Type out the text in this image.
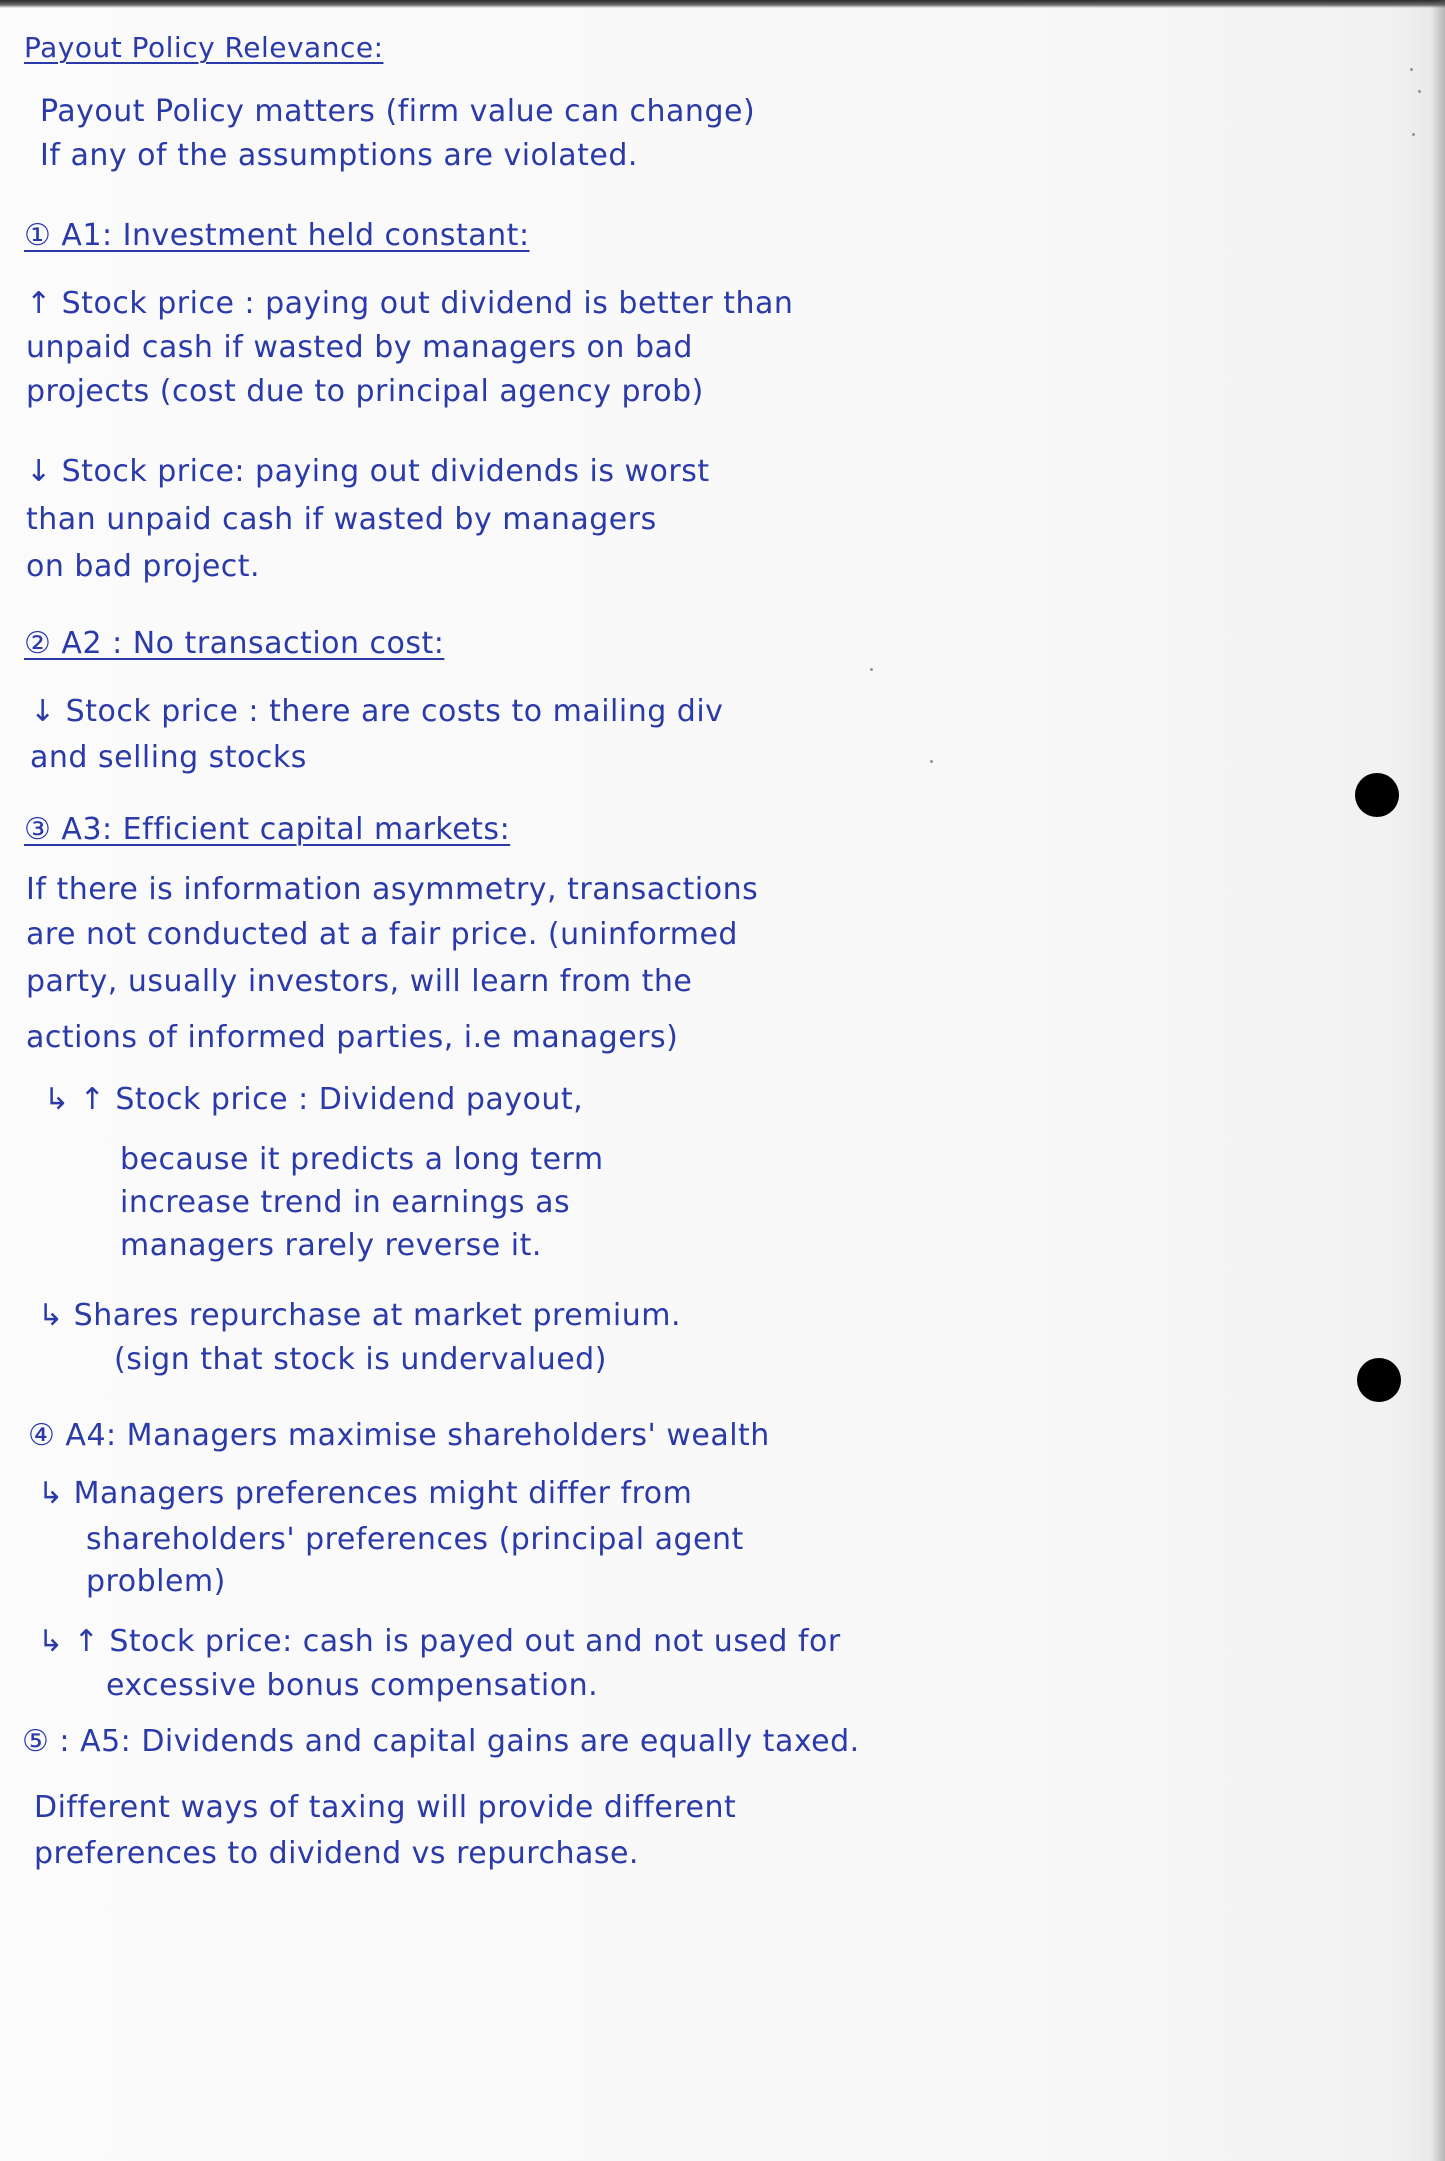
Payout Policy Relevance:
Payout Policy matters (firm value can change)
If any of the assumptions are violated.
① A1: Investment held constant:
↑ Stock price : paying out dividend is better than
unpaid cash if wasted by managers on bad
projects (cost due to principal agency prob)
↓ Stock price: paying out dividends is worst
than unpaid cash if wasted by managers
on bad project.
② A2 : No transaction cost:
↓ Stock price : there are costs to mailing div
and selling stocks
③ A3: Efficient capital markets:
If there is information asymmetry, transactions
are not conducted at a fair price. (uninformed
party, usually investors, will learn from the
actions of informed parties, i.e managers)
↳ ↑ Stock price : Dividend payout,
because it predicts a long term
increase trend in earnings as
managers rarely reverse it.
↳ Shares repurchase at market premium.
(sign that stock is undervalued)
④ A4: Managers maximise shareholders' wealth
↳ Managers preferences might differ from
shareholders' preferences (principal agent
problem)
↳ ↑ Stock price: cash is payed out and not used for
excessive bonus compensation.
⑤ : A5: Dividends and capital gains are equally taxed.
Different ways of taxing will provide different
preferences to dividend vs repurchase.
